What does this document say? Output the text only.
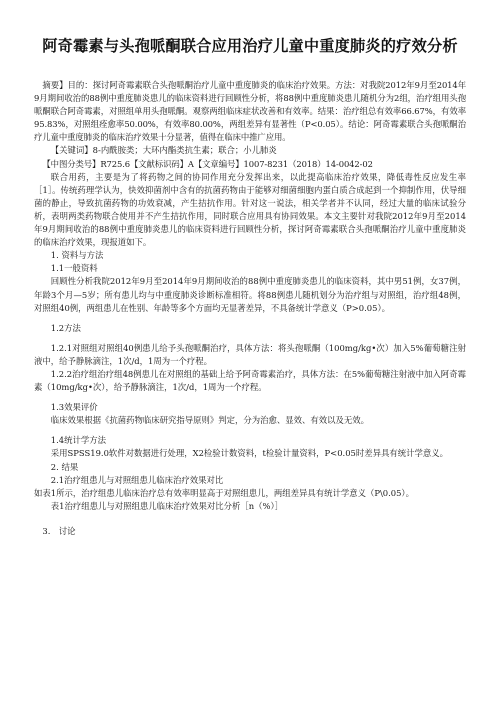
阿奇霉素与头孢哌酮联合应用治疗儿童中重度肺炎的疗效分析

摘要】目的：探讨阿奇霉素联合头孢哌酮治疗儿童中重度肺炎的临床治疗效果。方法：对我院2012年9月至2014年9月期间收治的88例中重度肺炎患儿的临床资料进行回顾性分析，将88例中重度肺炎患儿随机分为2组，治疗组用头孢哌酮联合阿奇霉素，对照组单用头孢哌酮。观察两组临床症状改善和有效率。结果：治疗组总有效率66.67%，有效率95.83%，对照组痊愈率50.00%，有效率80.00%，两组差异有显著性（P<0.05）。结论：阿奇霉素联合头孢哌酮治疗儿童中重度肺炎的临床治疗效果十分显著，值得在临床中推广应用。

【关键词】8-内酰胺类；大环内酯类抗生素；联合；小儿肺炎

【中图分类号】R725.6【文献标识码】A【文章编号】1007-8231（2018）14-0042-02

联合用药，主要是为了将药物之间的协同作用充分发挥出来，以此提高临床治疗效果，降低毒性反应发生率［1］。传统药理学认为，快效抑菌剂中含有的抗菌药物由于能够对细菌细胞内蛋白质合成起到一个抑制作用，伏导细菌的静止，导致抗菌药物的功效衰减，产生拮抗作用。针对这一说法，相关学者并不认同，经过大量的临床试验分析，表明两类药物联合使用并不产生拮抗作用，同时联合应用具有协同效果。本文主要针对我院2012年9月至2014年9月期间收治的88例中重度肺炎患儿的临床资料进行回顾性分析，探讨阿奇霉素联合头孢哌酮治疗儿童中重度肺炎的临床治疗效果，现报道如下。

1. 资料与方法

1.1一般资料

回顾性分析我院2012年9月至2014年9月期间收治的88例中重度肺炎患儿的临床资料，其中男51例，女37例，年龄3个月—5岁；所有患儿均与中重度肺炎诊断标准相符。将88例患儿随机划分为治疗组与对照组，治疗组48例，对照组40例，两组患儿在性别、年龄等多个方面均无显著差异，不具备统计学意义（P>0.05）。

1.2方法

1.2.1对照组对照组40例患儿给予头孢哌酮治疗，具体方法：将头孢哌酮（100mg/kg•次）加入5%葡萄糖注射液中，给予静脉滴注，1次/d，1周为一个疗程。

1.2.2治疗组治疗组48例患儿在对照组的基础上给予阿奇霉素治疗，具体方法：在5%葡萄糖注射液中加入阿奇霉素（10mg/kg•次），给予静脉滴注，1次/d，1周为一个疗程。

1.3效果评价

临床效果根据《抗菌药物临床研究指导原则》判定，分为治愈、显效、有效以及无效。

1.4统计学方法

采用SPSS19.0软件对数据进行处理，X2检验计数资料，t检验计量资料，P<0.05时差异具有统计学意义。

2. 结果

2.1治疗组患儿与对照组患儿临床治疗效果对比

如表1所示，治疗组患儿临床治疗总有效率明显高于对照组患儿，两组差异具有统计学意义（P\0.05）。

表1治疗组患儿与对照组患儿临床治疗效果对比分析［n（%）］

3.　讨论
